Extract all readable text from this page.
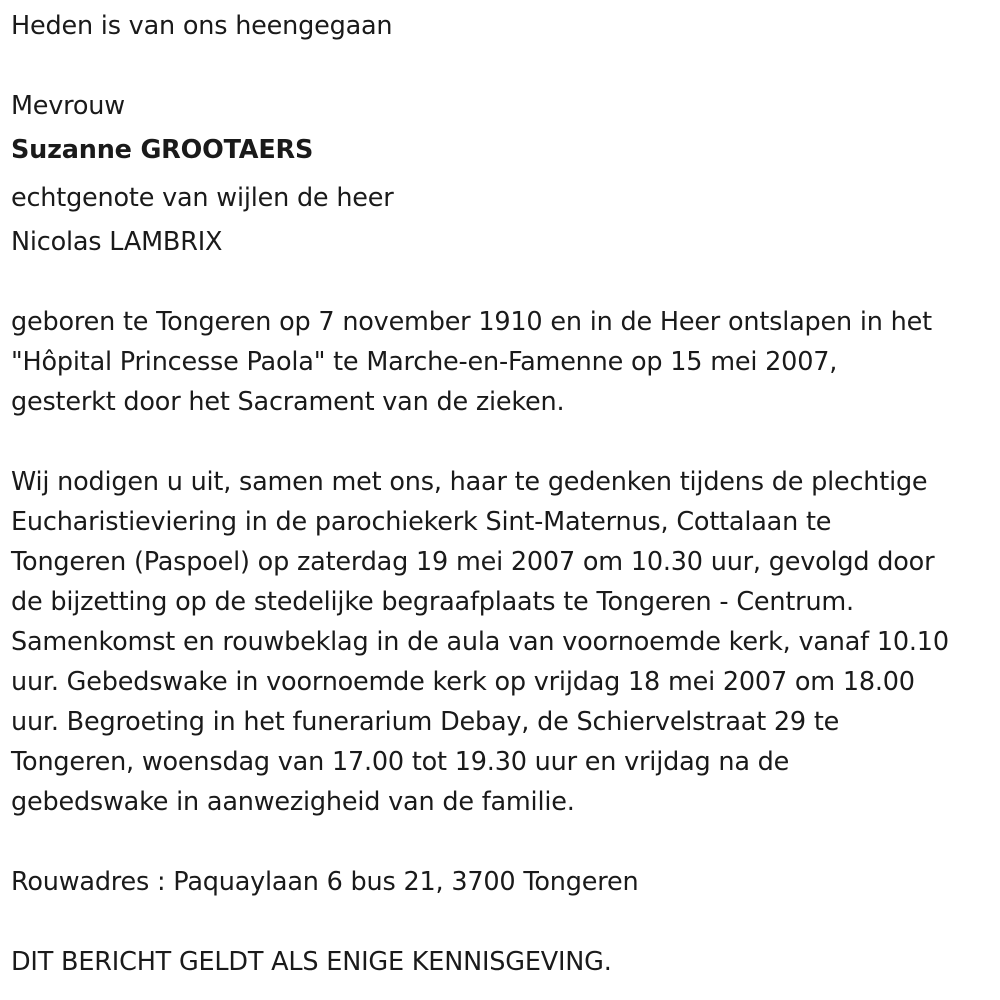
Heden is van ons heengegaan
Mevrouw
Suzanne GROOTAERS
echtgenote van wijlen de heer
Nicolas LAMBRIX
geboren te Tongeren op 7 november 1910 en in de Heer ontslapen in het
"Hôpital Princesse Paola" te Marche-en-Famenne op 15 mei 2007,
gesterkt door het Sacrament van de zieken.
Wij nodigen u uit, samen met ons, haar te gedenken tijdens de plechtige
Eucharistieviering in de parochiekerk Sint-Maternus, Cottalaan te
Tongeren (Paspoel) op zaterdag 19 mei 2007 om 10.30 uur, gevolgd door
de bijzetting op de stedelijke begraafplaats te Tongeren - Centrum.
Samenkomst en rouwbeklag in de aula van voornoemde kerk, vanaf 10.10
uur. Gebedswake in voornoemde kerk op vrijdag 18 mei 2007 om 18.00
uur. Begroeting in het funerarium Debay, de Schiervelstraat 29 te
Tongeren, woensdag van 17.00 tot 19.30 uur en vrijdag na de
gebedswake in aanwezigheid van de familie.
Rouwadres : Paquaylaan 6 bus 21, 3700 Tongeren
DIT BERICHT GELDT ALS ENIGE KENNISGEVING.
